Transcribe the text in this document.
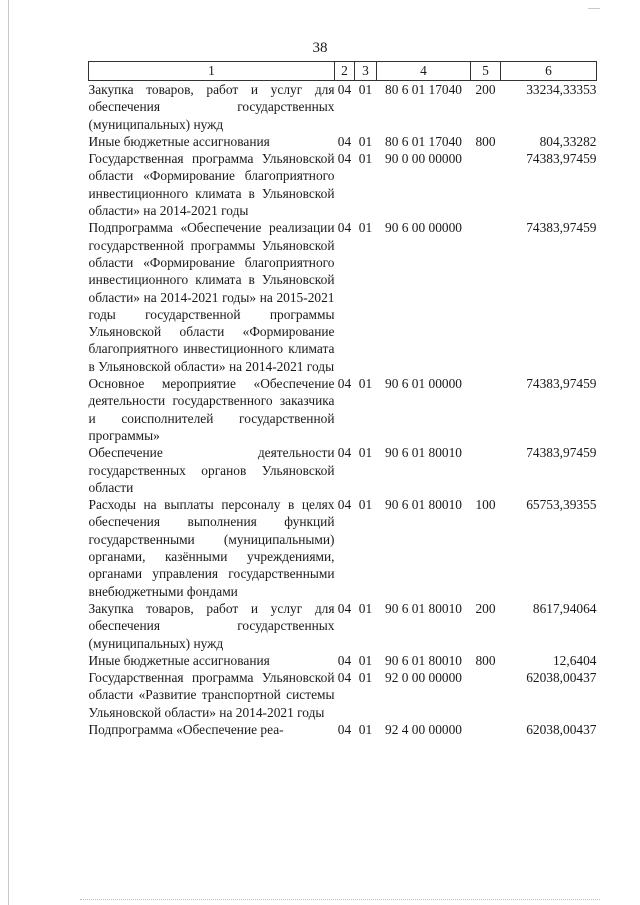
38
1	2	3	4	5	6
Закупка товаров, работ и услуг для обеспечения государственных (муниципальных) нужд	04	01	80 6 01 17040	200	33234,33353
Иные бюджетные ассигнования	04	01	80 6 01 17040	800	804,33282
Государственная программа Ульяновской области «Формирование благоприятного инвестиционного климата в Ульяновской области» на 2014-2021 годы	04	01	90 0 00 00000		74383,97459
Подпрограмма «Обеспечение реализации государственной программы Ульяновской области «Формирование благоприятного инвестиционного климата в Ульяновской области» на 2014-2021 годы» на 2015-2021 годы государственной программы Ульяновской области «Формирование благоприятного инвестиционного климата в Ульяновской области» на 2014-2021 годы	04	01	90 6 00 00000		74383,97459
Основное мероприятие «Обеспечение деятельности государственного заказчика и соисполнителей государственной программы»	04	01	90 6 01 00000		74383,97459
Обеспечение деятельности государственных органов Ульяновской области	04	01	90 6 01 80010		74383,97459
Расходы на выплаты персоналу в целях обеспечения выполнения функций государственными (муниципальными) органами, казёнными учреждениями, органами управления государственными внебюджетными фондами	04	01	90 6 01 80010	100	65753,39355
Закупка товаров, работ и услуг для обеспечения государственных (муниципальных) нужд	04	01	90 6 01 80010	200	8617,94064
Иные бюджетные ассигнования	04	01	90 6 01 80010	800	12,6404
Государственная программа Ульяновской области «Развитие транспортной системы Ульяновской области» на 2014-2021 годы	04	01	92 0 00 00000		62038,00437
Подпрограмма «Обеспечение реа-	04	01	92 4 00 00000		62038,00437
